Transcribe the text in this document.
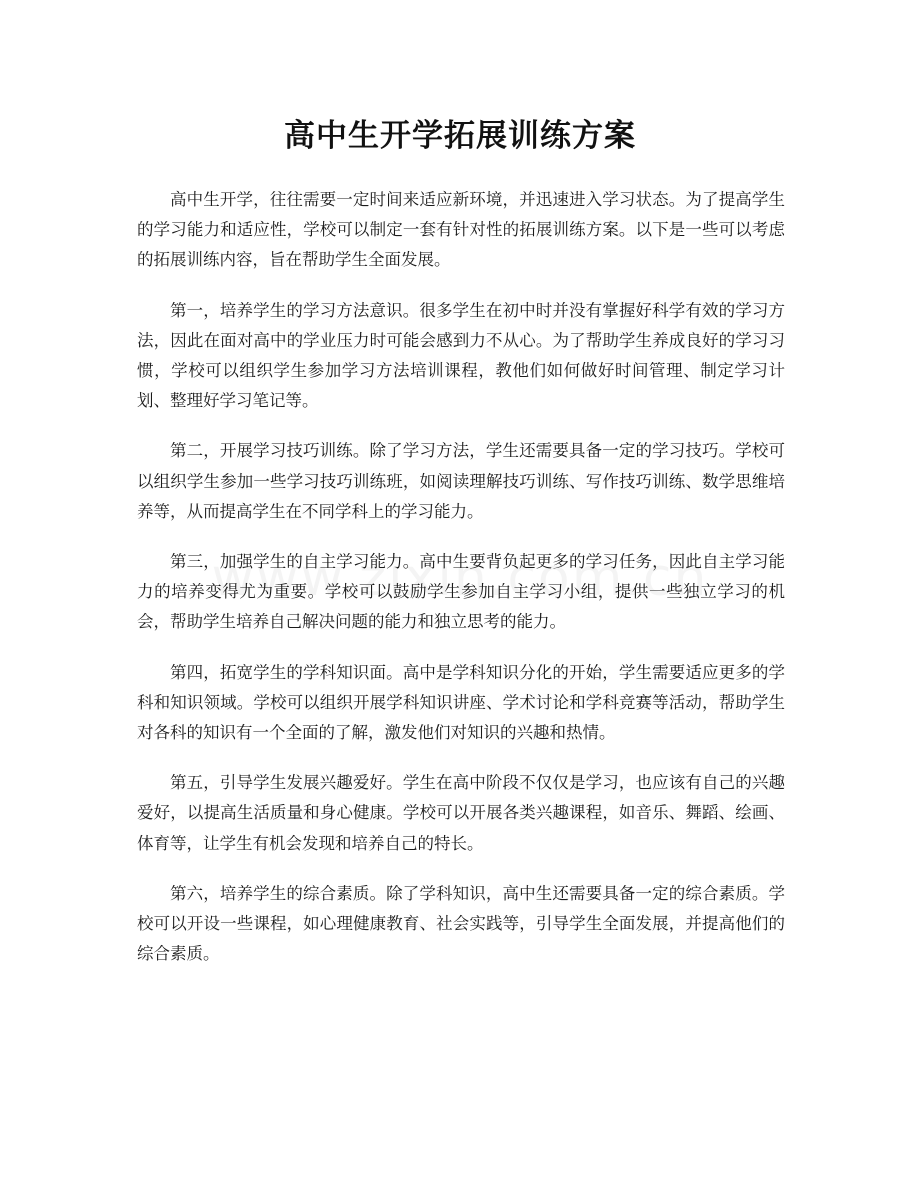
高中生开学拓展训练方案

高中生开学，往往需要一定时间来适应新环境，并迅速进入学习状态。为了提高学生的学习能力和适应性，学校可以制定一套有针对性的拓展训练方案。以下是一些可以考虑的拓展训练内容，旨在帮助学生全面发展。

第一，培养学生的学习方法意识。很多学生在初中时并没有掌握好科学有效的学习方法，因此在面对高中的学业压力时可能会感到力不从心。为了帮助学生养成良好的学习习惯，学校可以组织学生参加学习方法培训课程，教他们如何做好时间管理、制定学习计划、整理好学习笔记等。

第二，开展学习技巧训练。除了学习方法，学生还需要具备一定的学习技巧。学校可以组织学生参加一些学习技巧训练班，如阅读理解技巧训练、写作技巧训练、数学思维培养等，从而提高学生在不同学科上的学习能力。

第三，加强学生的自主学习能力。高中生要背负起更多的学习任务，因此自主学习能力的培养变得尤为重要。学校可以鼓励学生参加自主学习小组，提供一些独立学习的机会，帮助学生培养自己解决问题的能力和独立思考的能力。

第四，拓宽学生的学科知识面。高中是学科知识分化的开始，学生需要适应更多的学科和知识领域。学校可以组织开展学科知识讲座、学术讨论和学科竞赛等活动，帮助学生对各科的知识有一个全面的了解，激发他们对知识的兴趣和热情。

第五，引导学生发展兴趣爱好。学生在高中阶段不仅仅是学习，也应该有自己的兴趣爱好，以提高生活质量和身心健康。学校可以开展各类兴趣课程，如音乐、舞蹈、绘画、体育等，让学生有机会发现和培养自己的特长。

第六，培养学生的综合素质。除了学科知识，高中生还需要具备一定的综合素质。学校可以开设一些课程，如心理健康教育、社会实践等，引导学生全面发展，并提高他们的综合素质。
